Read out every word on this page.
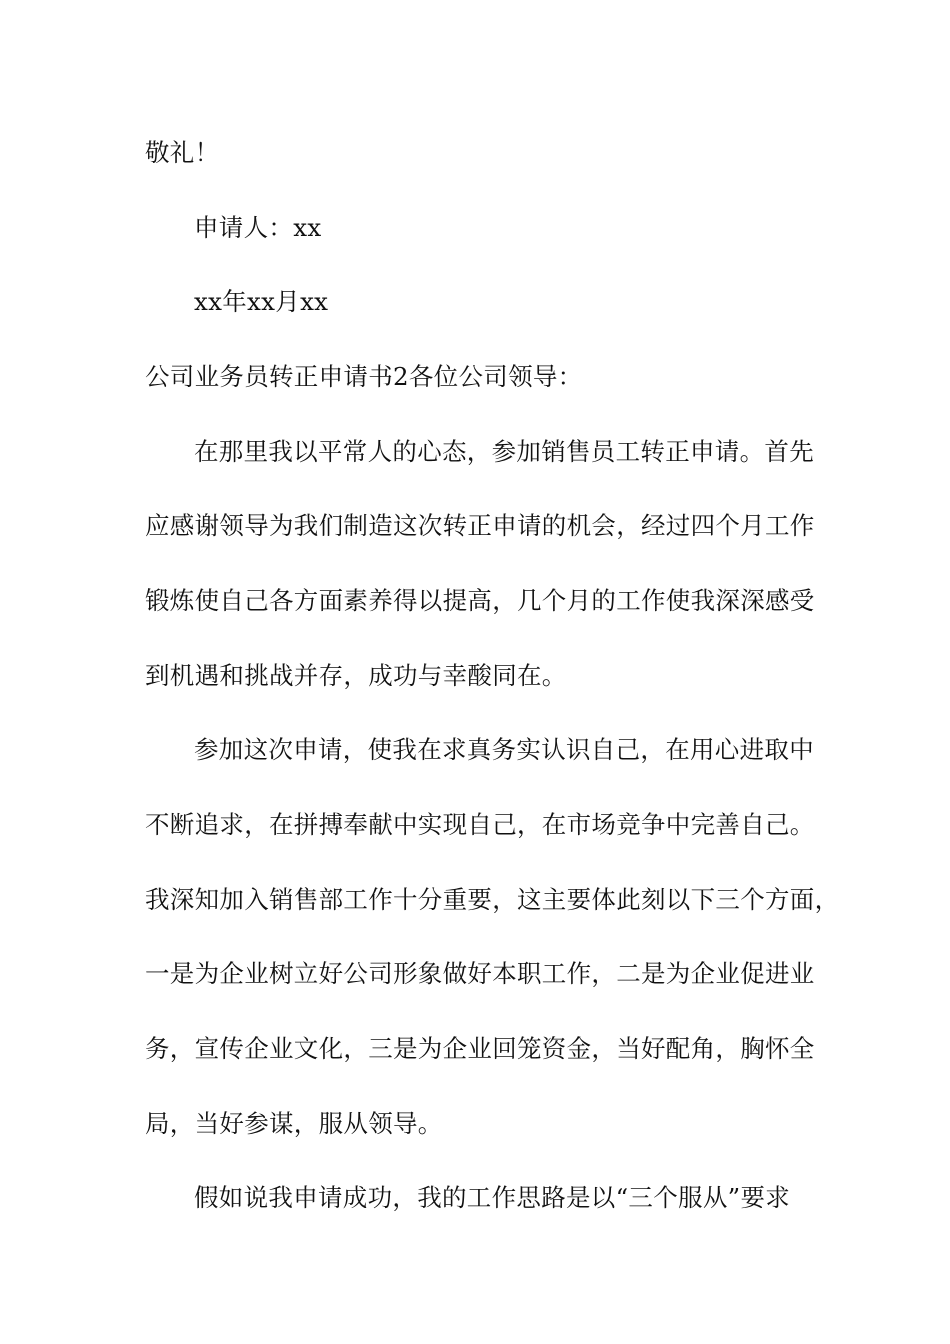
敬礼！
申请人：xx
xx年xx月xx
公司业务员转正申请书2各位公司领导：
在那里我以平常人的心态，参加销售员工转正申请。首先
应感谢领导为我们制造这次转正申请的机会，经过四个月工作
锻炼使自己各方面素养得以提高，几个月的工作使我深深感受
到机遇和挑战并存，成功与幸酸同在。
参加这次申请，使我在求真务实认识自己，在用心进取中
不断追求，在拼搏奉献中实现自己，在市场竞争中完善自己。
我深知加入销售部工作十分重要，这主要体此刻以下三个方面，
一是为企业树立好公司形象做好本职工作，二是为企业促进业
务，宣传企业文化，三是为企业回笼资金，当好配角，胸怀全
局，当好参谋，服从领导。
假如说我申请成功，我的工作思路是以“三个服从”要求
